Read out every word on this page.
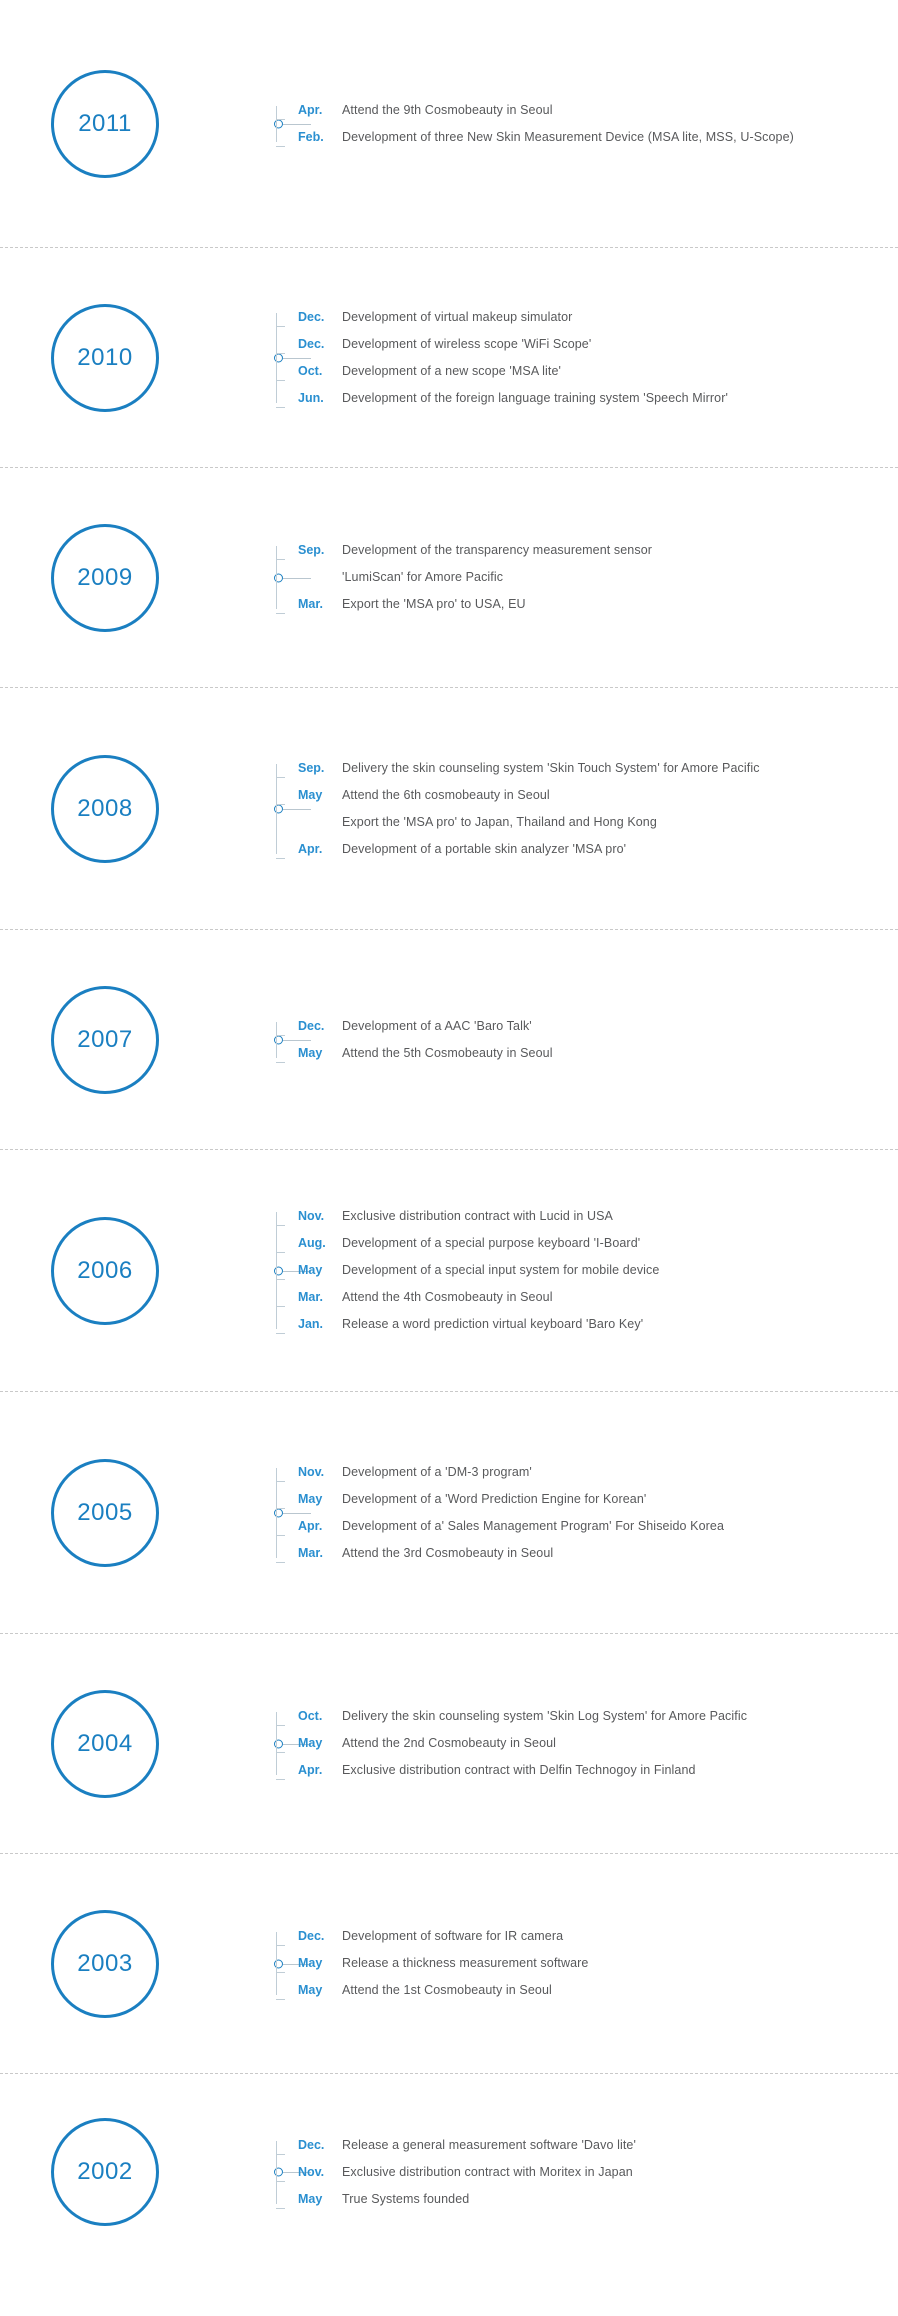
2011	Apr.	Attend the 9th Cosmobeauty in Seoul
Feb.	Development of three New Skin Measurement Device (MSA lite, MSS, U-Scope)
2010
Dec.	Development of virtual makeup simulator
Dec.	Development of wireless scope 'WiFi Scope'
Oct.	Development of a new scope 'MSA lite'
Jun.	Development of the foreign language training system 'Speech Mirror'
2009
Sep.	Development of the transparency measurement sensor
'LumiScan' for Amore Pacific
Mar.	Export the 'MSA pro' to USA, EU
2008
Sep.	Delivery the skin counseling system 'Skin Touch System' for Amore Pacific
May	Attend the 6th cosmobeauty in Seoul
Export the 'MSA pro' to Japan, Thailand and Hong Kong
Apr.	Development of a portable skin analyzer 'MSA pro'
2007	Dec.	Development of a AAC 'Baro Talk'
May	Attend the 5th Cosmobeauty in Seoul
2006
Nov.	Exclusive distribution contract with Lucid in USA
Aug.	Development of a special purpose keyboard 'I-Board'
May	Development of a special input system for mobile device
Mar.	Attend the 4th Cosmobeauty in Seoul
Jan.	Release a word prediction virtual keyboard 'Baro Key'
2005
Nov.	Development of a 'DM-3 program'
May	Development of a 'Word Prediction Engine for Korean'
Apr.	Development of a' Sales Management Program' For Shiseido Korea
Mar.	Attend the 3rd Cosmobeauty in Seoul
2004
Oct.	Delivery the skin counseling system 'Skin Log System' for Amore Pacific
May	Attend the 2nd Cosmobeauty in Seoul
Apr.	Exclusive distribution contract with Delfin Technogoy in Finland
2003
Dec.	Development of software for IR camera
May	Release a thickness measurement software
May	Attend the 1st Cosmobeauty in Seoul
2002
Dec.	Release a general measurement software 'Davo lite'
Nov.	Exclusive distribution contract with Moritex in Japan
May	True Systems founded
